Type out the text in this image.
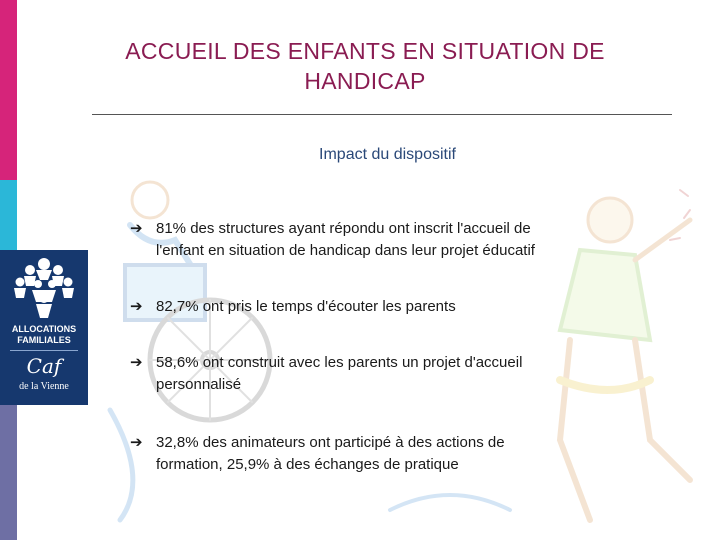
ALLOCATIONS
FAMILIALES
Caf
de la Vienne
ACCUEIL DES ENFANTS EN SITUATION DE
HANDICAP
Impact du dispositif
➔ 81% des structures ayant répondu ont inscrit l'accueil de
l'enfant en situation de handicap dans leur projet éducatif
➔ 82,7% ont pris le temps d'écouter les parents
➔ 58,6% ont construit avec les parents un projet d'accueil
personnalisé
➔ 32,8% des animateurs ont participé à des actions de
formation, 25,9% à des échanges de pratique
